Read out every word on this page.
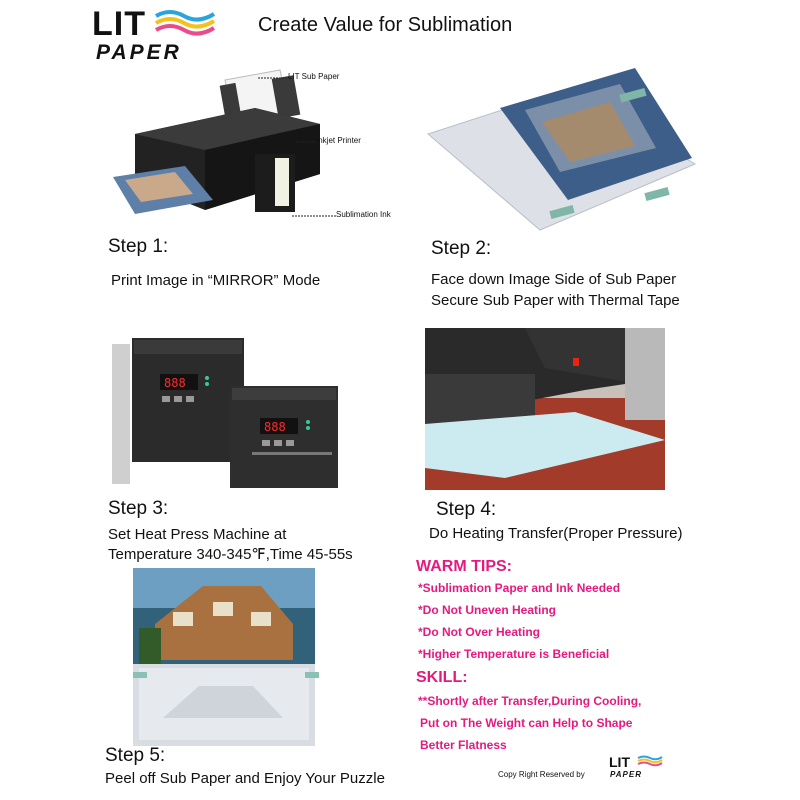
LIT
PAPER
Create Value for Sublimation
LIT Sub Paper
Inkjet Printer
Sublimation Ink
Step 1:
Print Image in “MIRROR” Mode
Step 2:
Face down Image Side of Sub Paper
Secure Sub Paper with Thermal Tape
888
888
Step 3:
Set Heat Press Machine at
Temperature 340-345℉,Time 45-55s
Step 4:
Do Heating Transfer(Proper Pressure)
Step 5:
Peel off Sub Paper and Enjoy Your Puzzle
WARM TIPS:
*Sublimation Paper and Ink Needed
*Do Not Uneven Heating
*Do Not Over Heating
*Higher Temperature is Beneficial
SKILL:
**Shortly after Transfer,During Cooling,
Put on The Weight can Help to Shape
Better Flatness
Copy Right Reserved by
LIT
PAPER
